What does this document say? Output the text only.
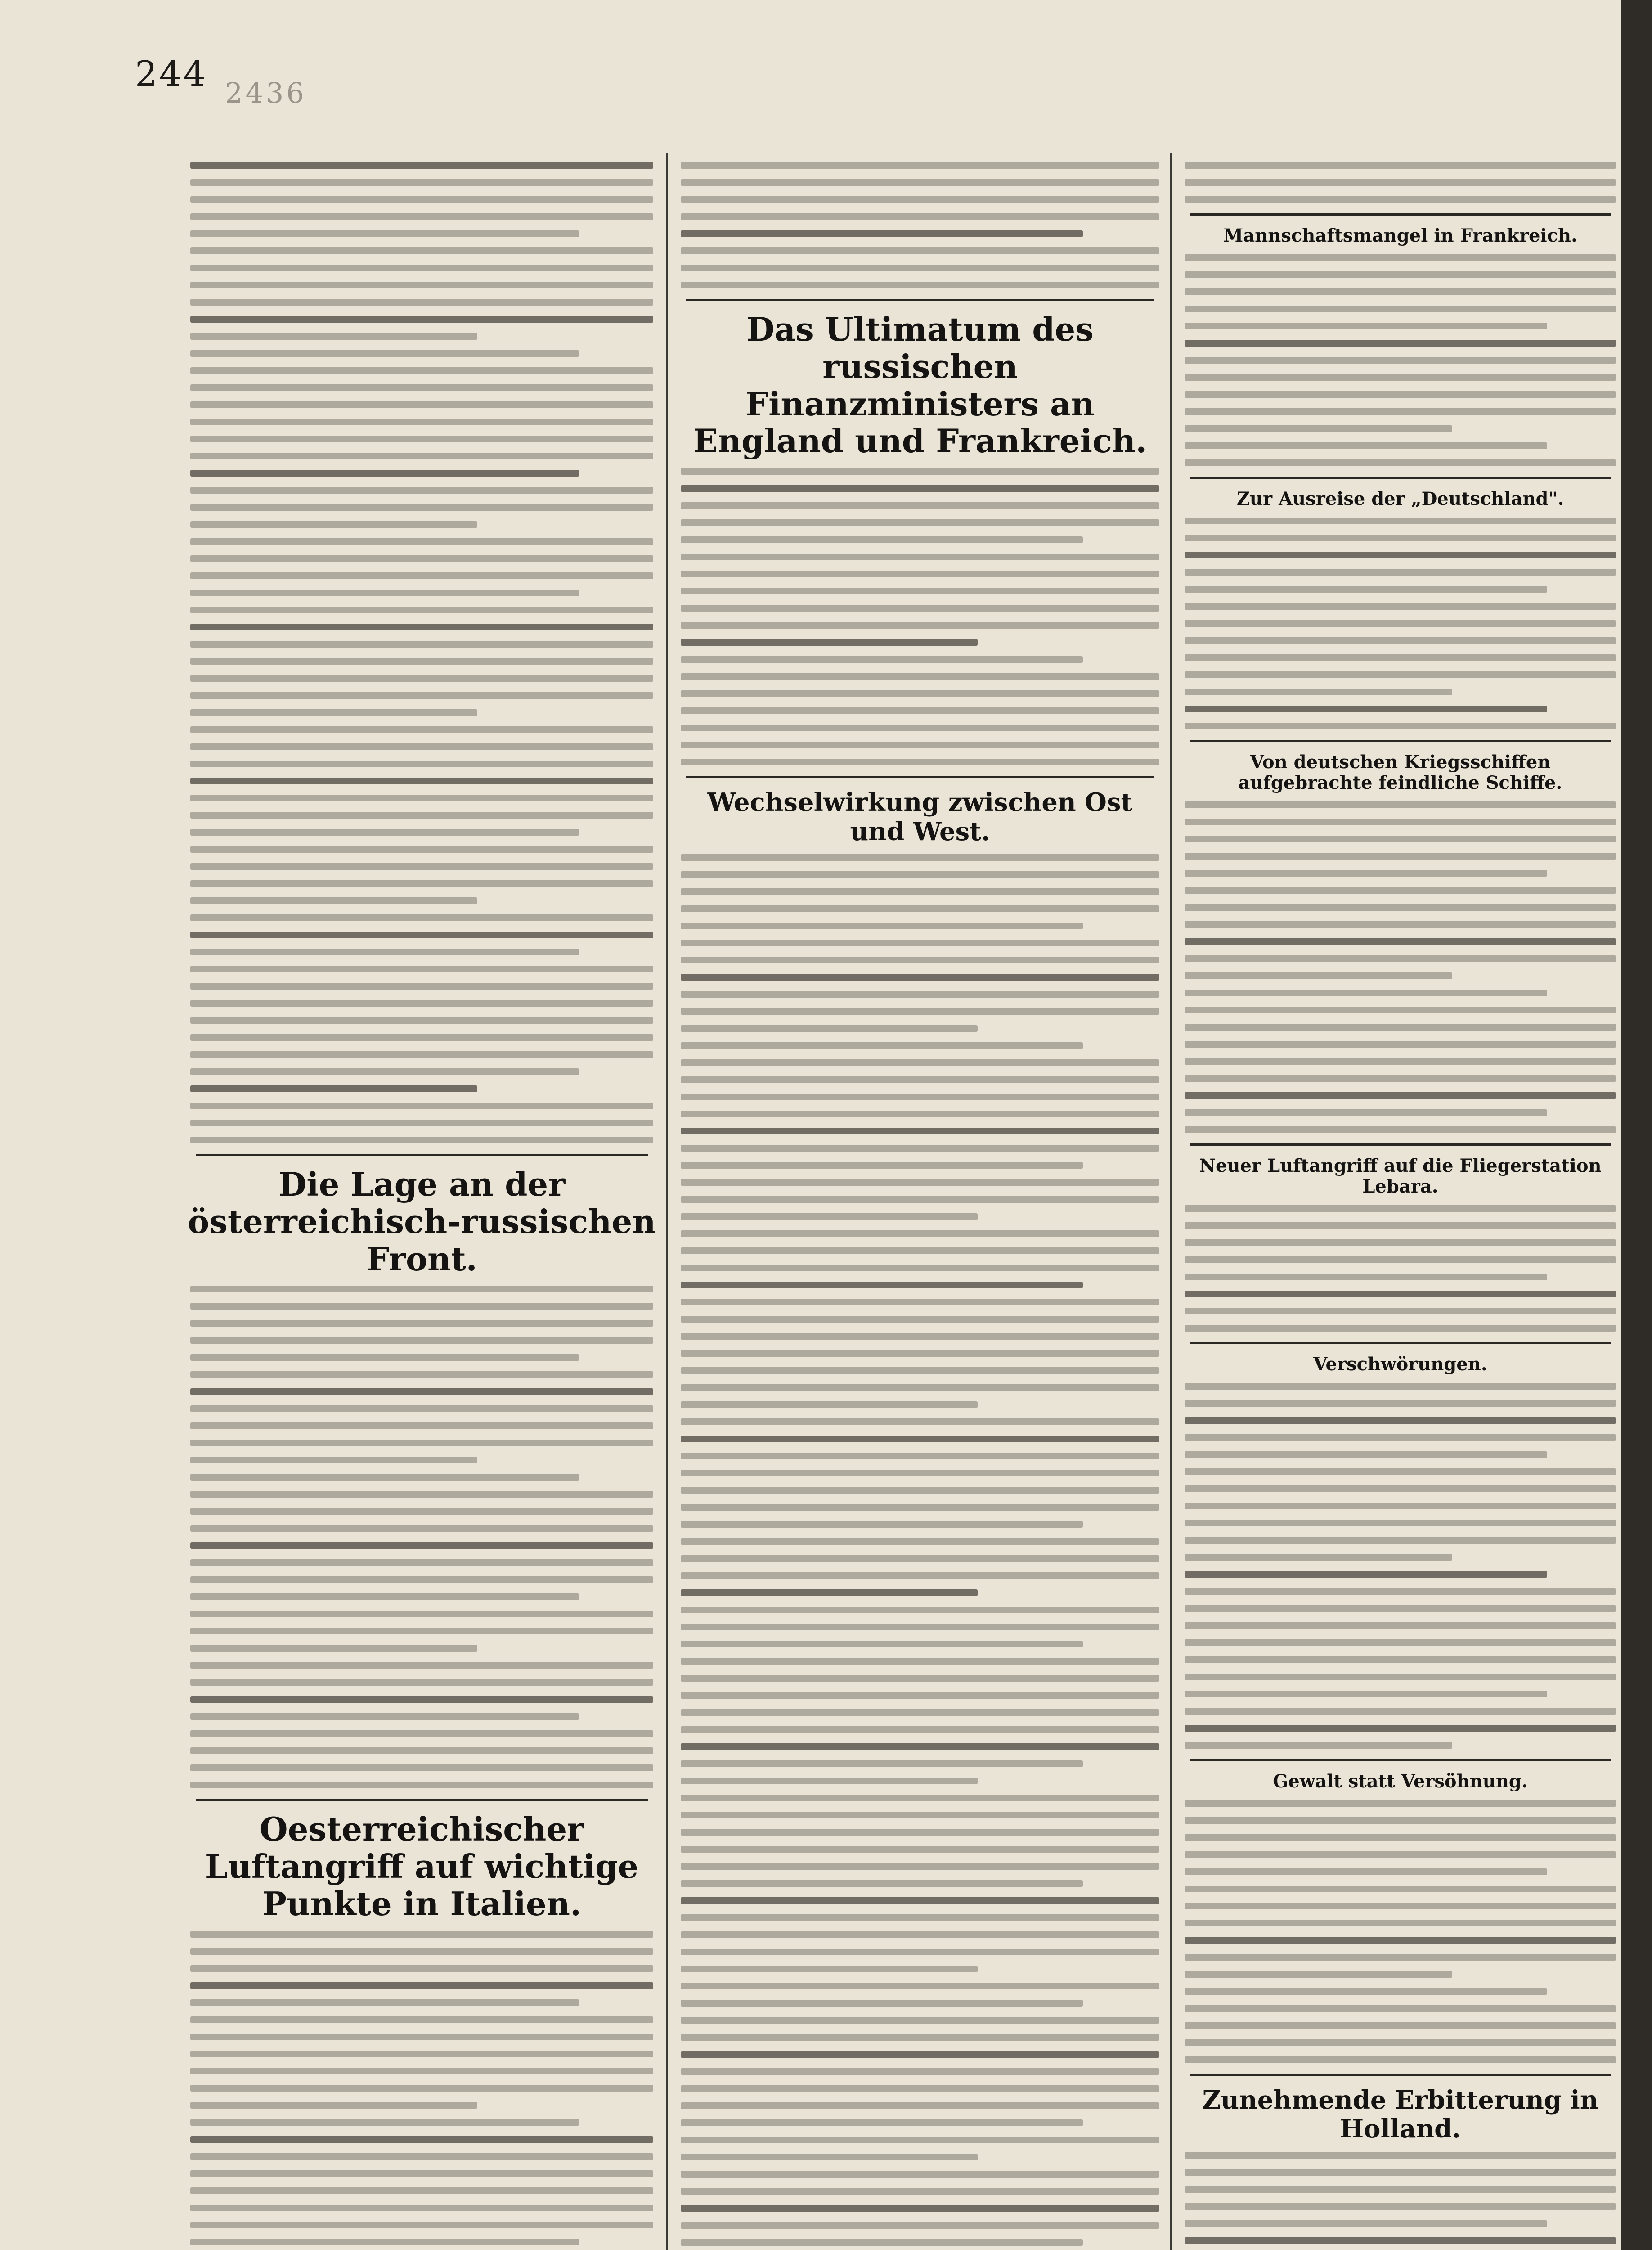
244 2436
Die Lage an der österreichisch-russischen Front.
Oesterreichischer Luftangriff auf wichtige Punkte in Italien.
Das Ultimatum des russischen Finanzministers an England und Frankreich.
Wechselwirkung zwischen Ost und West.
Mannschaftsmangel in Frankreich.
Zur Ausreise der „Deutschland".
Von deutschen Kriegsschiffen aufgebrachte feindliche Schiffe.
Neuer Luftangriff auf die Fliegerstation Lebara.
Verschwörungen.
Gewalt statt Versöhnung.
Zunehmende Erbitterung in Holland.
